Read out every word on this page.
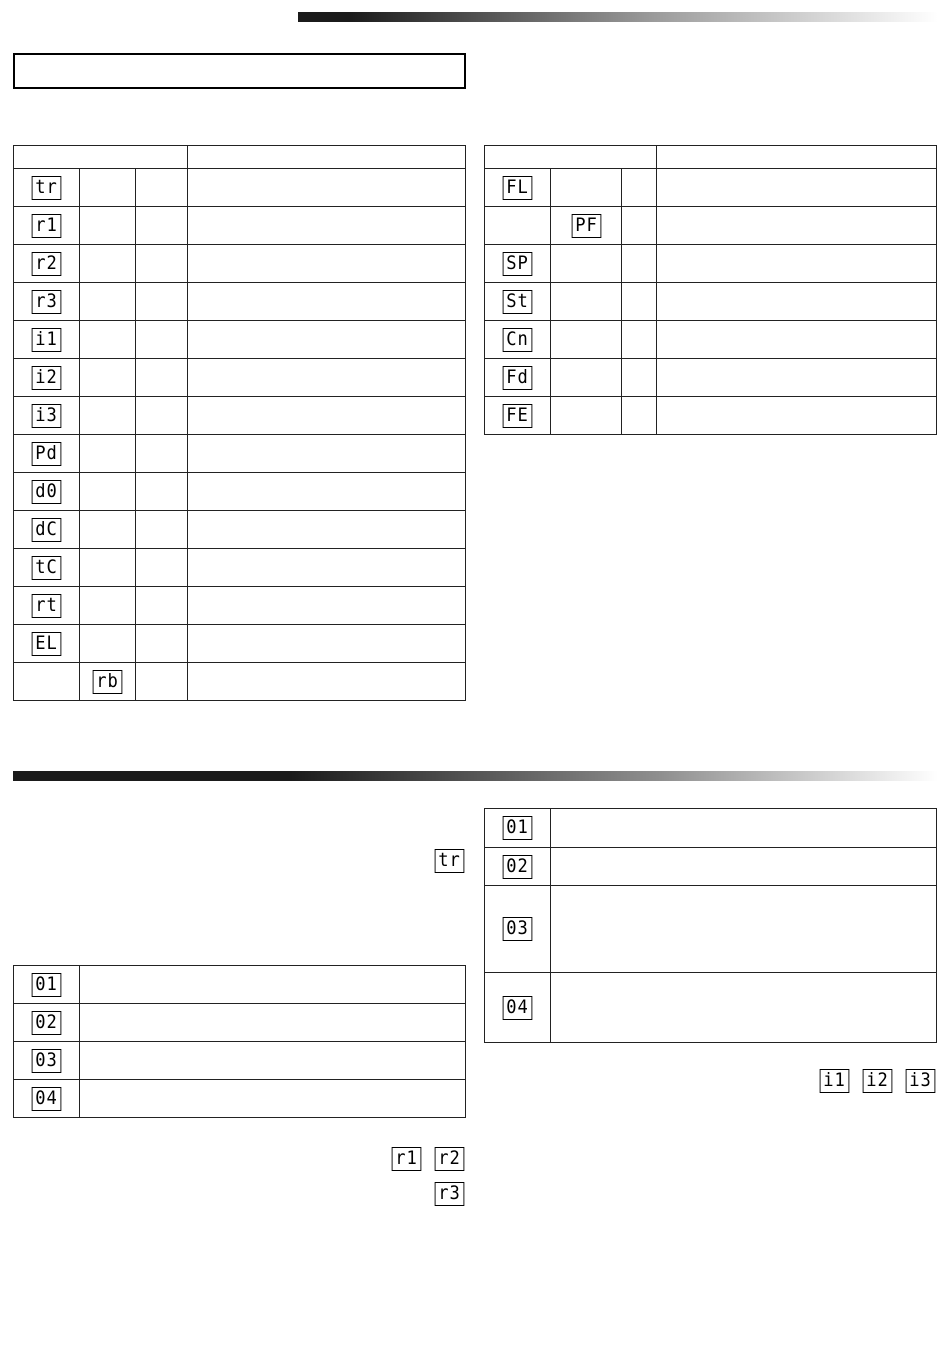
tr			
r1			
r2			
r3			
i1			
i2			
i3			
Pd			
d0			
dC			
tC			
rt			
EL			
	rb		

FL			
	PF		
SP			
St			
Cn			
Fd			
FE			
tr
01	
02	
03	
04	
r1 r2
r3
01	
02	
03	
04	
i1 i2 i3
